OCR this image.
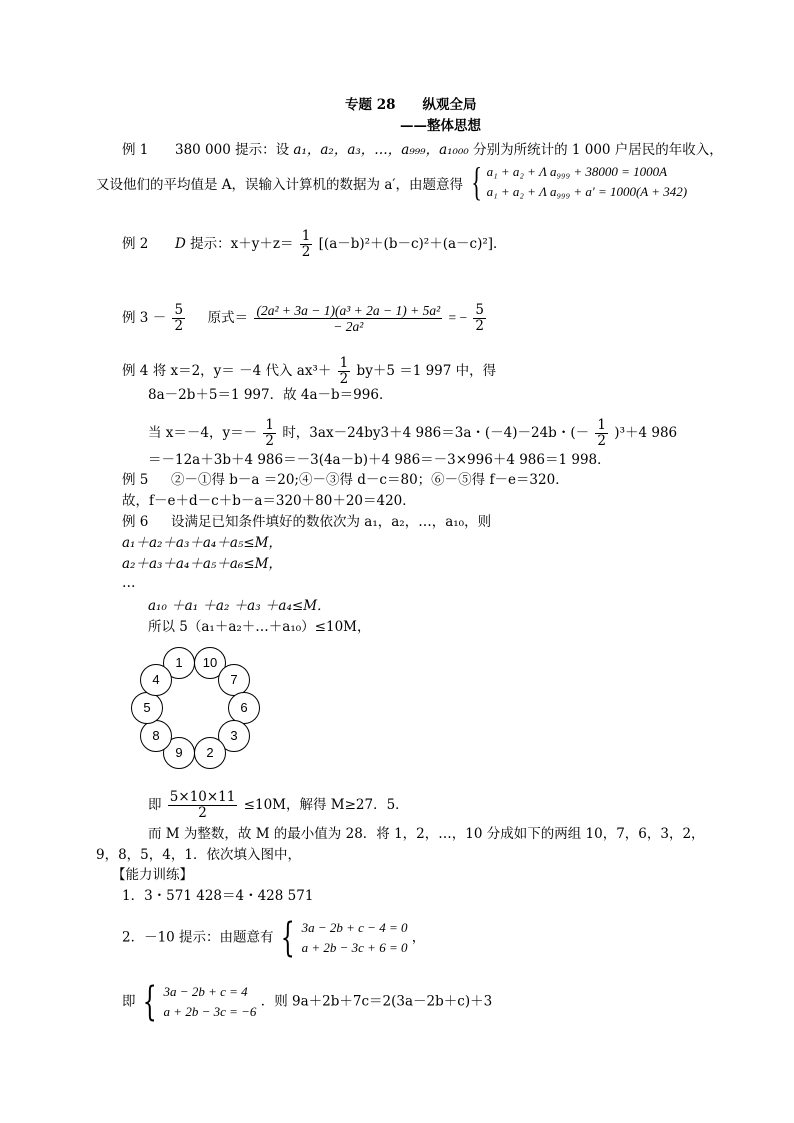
专题 28　　纵观全局
——整体思想
例 1 380 000 提示：设 a₁，a₂，a₃，…，a₉₉₉，a₁₀₀₀ 分别为所统计的 1 000 户居民的年收入，
又设他们的平均值是 A，误输入计算机的数据为 a′，由题意得 { a₁ + a₂ + Λ a₉₉₉ + 38000 = 1000A
a₁ + a₂ + Λ a₉₉₉ + a′ = 1000(A + 342)
例 2 D 提示：$x+y+z= \frac{1}{2} [(a-b)^2+(b-c)^2+(a-c)^2]$．
例 $3 - \frac{5}{2}$ 原式＝ $\frac{\text{(2a² + 3a − 1)(a³ + 2a − 1) + 5a²}}{\text{− 2a²}}$ = − $\frac{5}{2}$
例 4 将 x＝2，y＝ －4 代入 $ax^3+ \frac{1}{2} by+5 =1$ 997 中，得
8a－2b＋5＝1 997．故 4a－b＝996．
当 x＝－4，$y=- \frac{1}{2}$ 时，3ax－24by3＋4 986＝3a・(－4)－24b・(－ $\frac{1}{2} )^3+4$ 986
＝－12a＋3b＋4 986＝－3(4a－b)＋4 986＝－3×996＋4 986＝1 998．
例 5 ②－①得 b－a ＝20;④－③得 d－c＝80；⑥－⑤得 f－e＝320．
故，f－e＋d－c＋b－a＝320＋80＋20＝420．
例 6 设满足已知条件填好的数依次为 a₁，a₂，…，a₁₀，则
a₁＋a₂＋a₃＋a₄＋a₅≤M，
a₂＋a₃＋a₄＋a₅＋a₆≤M，
…
a₁₀ ＋a₁ ＋a₂ ＋a₃ ＋a₄≤M．
所以 5（a₁＋a₂＋…＋a₁₀）≤10M，
1	10
7
6
3
2
9
8
5
4
即 $\frac{5\times 10\times 11}{2} \le 10M$，解得 M≥27．5．
而 M 为整数，故 M 的最小值为 28．将 1，2，…，10 分成如下的两组 10，7，6，3，2，
9，8，5，4，1．依次填入图中，
【能力训练】
1．3・571 428＝4・428 571
2．－10 提示：由题意有 { 3a − 2b + c − 4 = 0
a + 2b − 3c + 6 = 0
，
即 { 3a − 2b + c = 4
a + 2b − 3c = −6
．则 9a＋2b＋7c＝2(3a－2b＋c)＋3
